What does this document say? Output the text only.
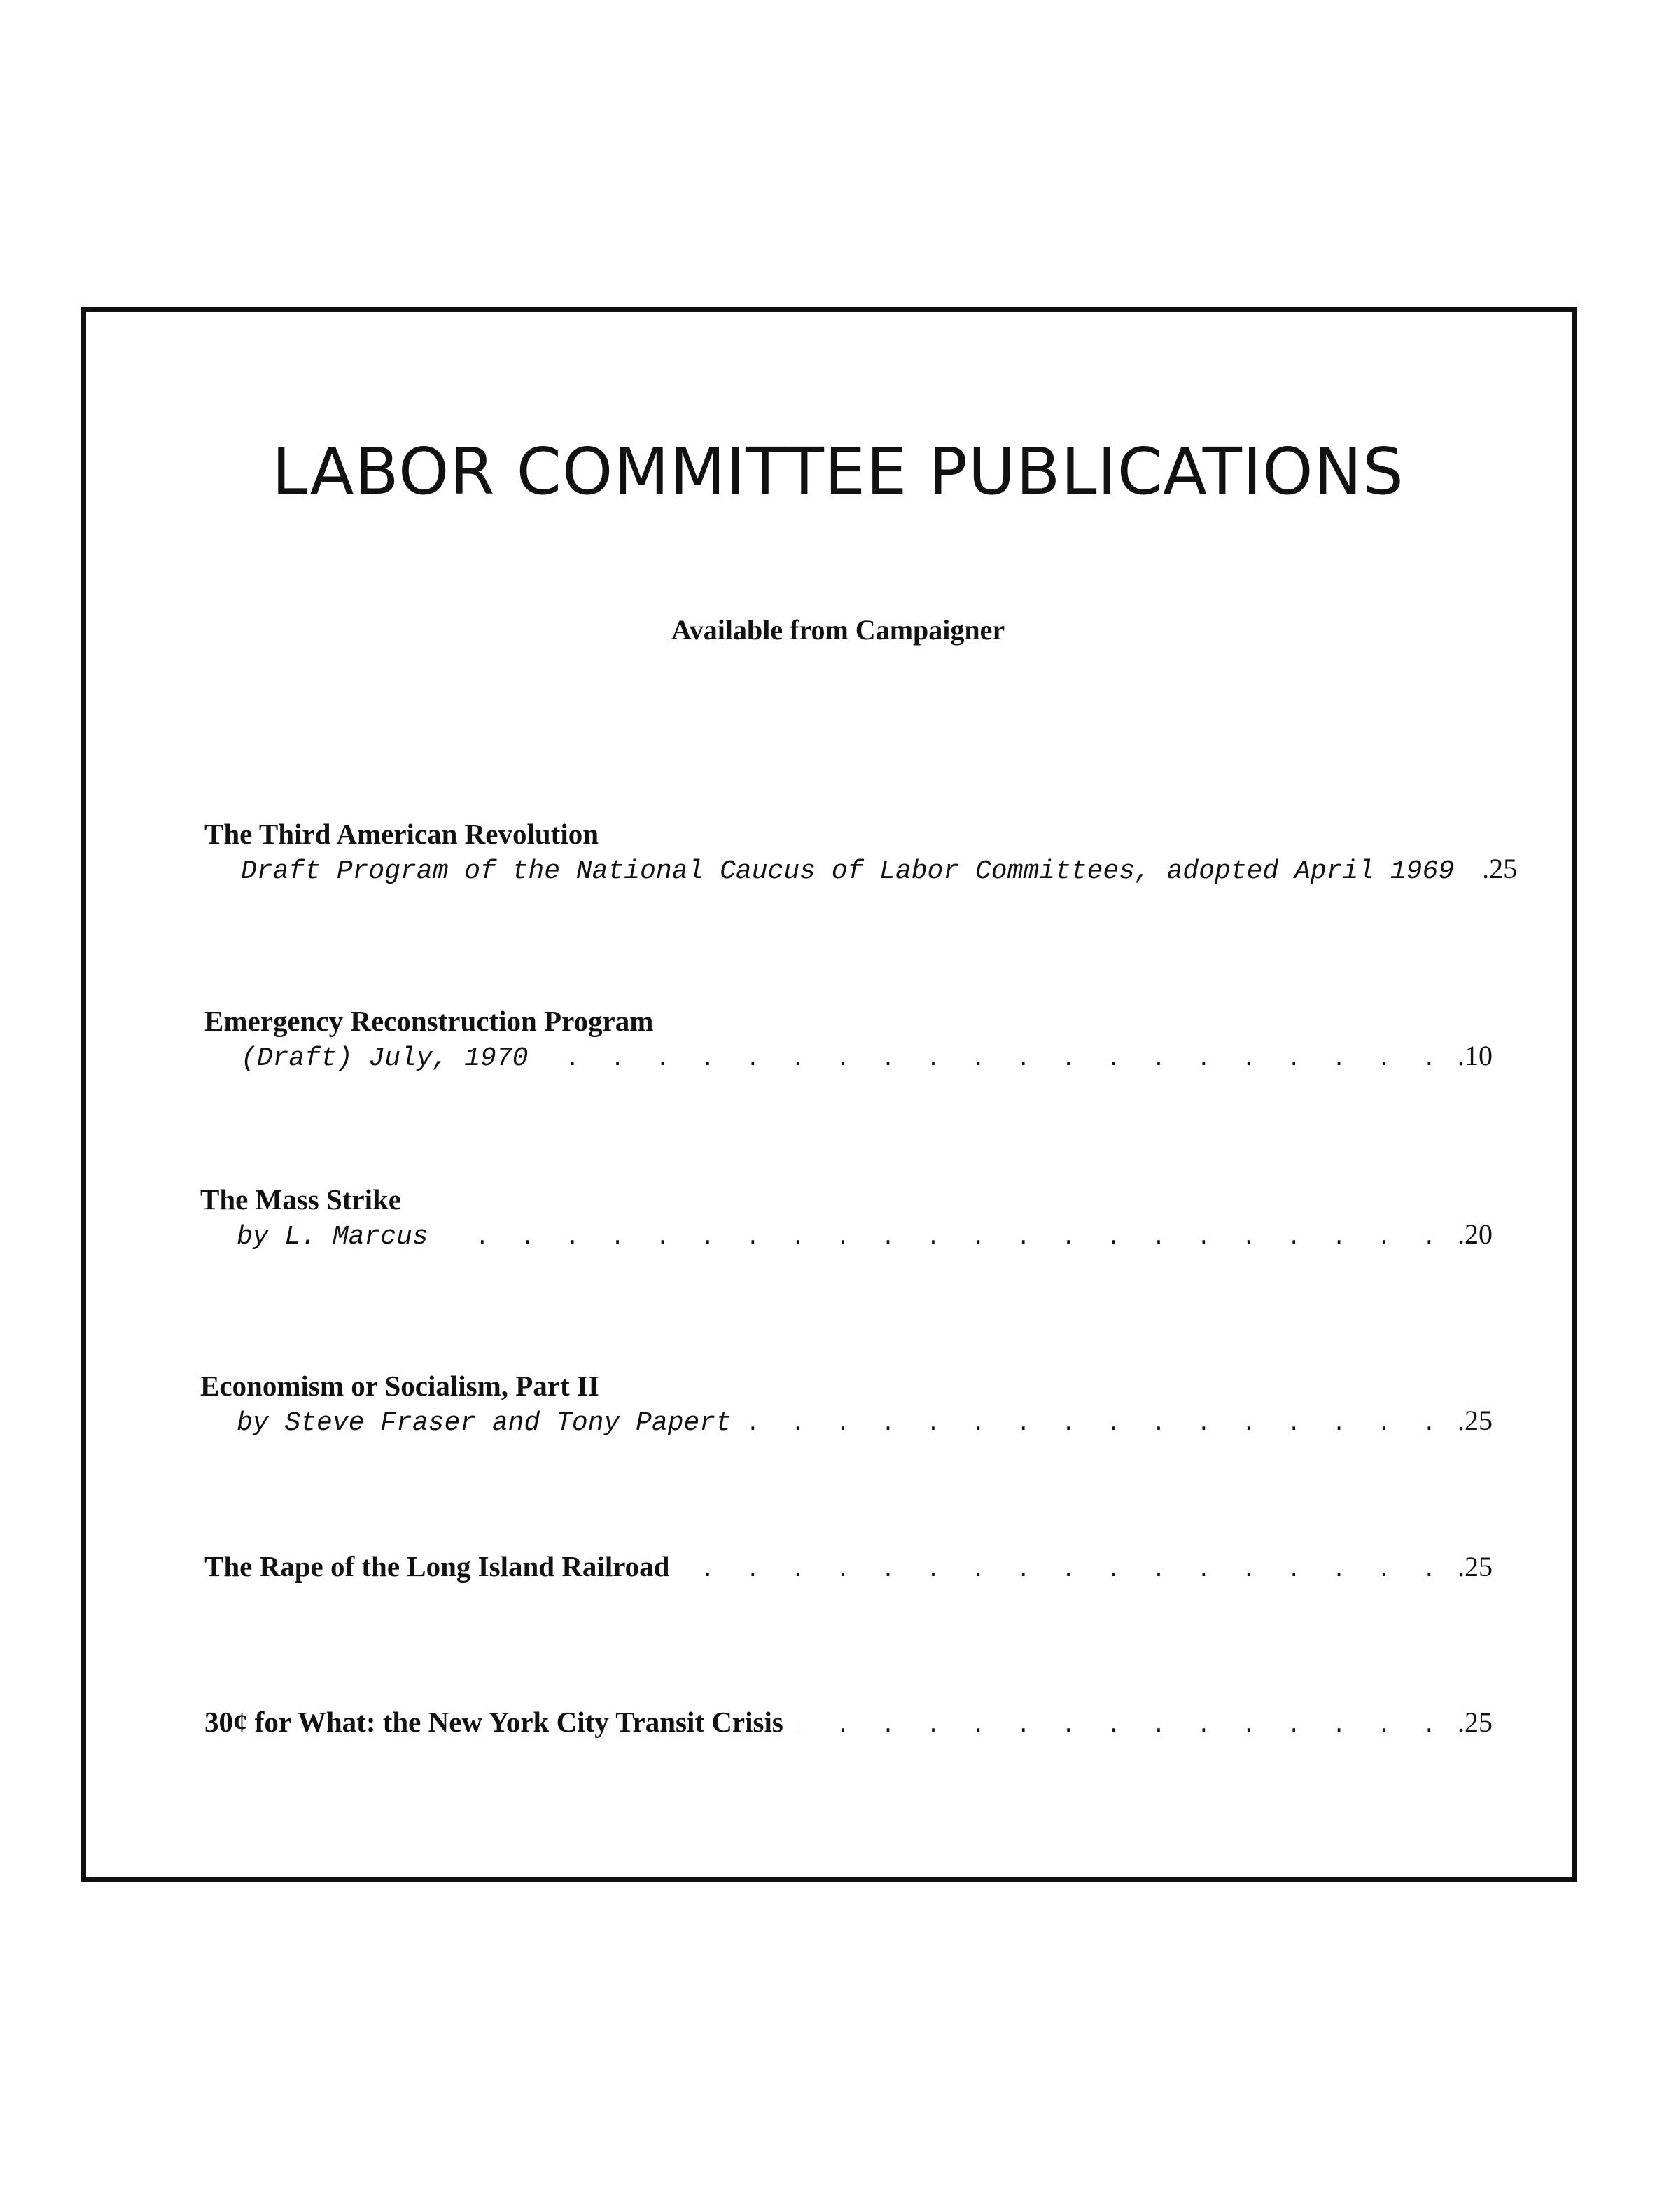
LABOR COMMITTEE PUBLICATIONS
Available from Campaigner
The Third American Revolution
Draft Program of the National Caucus of Labor Committees, adopted April 1969 .25
Emergency Reconstruction Program
(Draft) July, 1970 . . .	.10
The Mass Strike
by L. Marcus . . .	.20
Economism or Socialism, Part II
by Steve Fraser and Tony Papert . . .	.25
The Rape of the Long Island Railroad . . .	.25
30¢ for What: the New York City Transit Crisis . . .	.25
